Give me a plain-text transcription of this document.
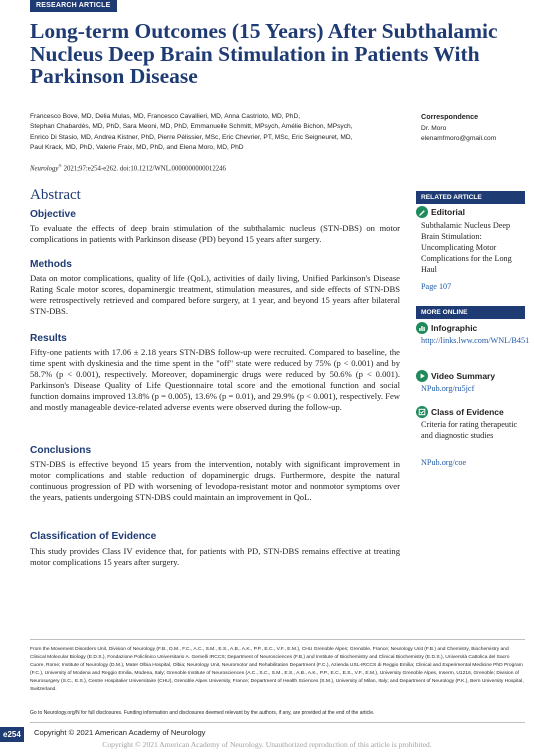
RESEARCH ARTICLE
Long-term Outcomes (15 Years) After Subthalamic Nucleus Deep Brain Stimulation in Patients With Parkinson Disease
Francesco Bove, MD, Delia Mulas, MD, Francesco Cavallieri, MD, Anna Castrioto, MD, PhD,
Stephan Chabardès, MD, PhD, Sara Meoni, MD, PhD, Emmanuelle Schmitt, MPsych, Amélie Bichon, MPsych,
Enrico Di Stasio, MD, Andrea Kistner, PhD, Pierre Pélissier, MSc, Eric Chevrier, PT, MSc, Eric Seigneuret, MD,
Paul Krack, MD, PhD, Valerie Fraix, MD, PhD, and Elena Moro, MD, PhD
Neurology® 2021;97:e254-e262. doi:10.1212/WNL.0000000000012246
Correspondence
Dr. Moro
elenamfmoro@gmail.com
Abstract
Objective

To evaluate the effects of deep brain stimulation of the subthalamic nucleus (STN-DBS) on motor complications in patients with Parkinson disease (PD) beyond 15 years after surgery.

Methods

Data on motor complications, quality of life (QoL), activities of daily living, Unified Parkinson's Disease Rating Scale motor scores, dopaminergic treatment, stimulation measures, and side effects of STN-DBS were retrospectively retrieved and compared before surgery, at 1 year, and beyond 15 years after bilateral STN-DBS.

Results

Fifty-one patients with 17.06 ± 2.18 years STN-DBS follow-up were recruited. Compared to baseline, the time spent with dyskinesia and the time spent in the "off" state were reduced by 75% (p < 0.001) and by 58.7% (p < 0.001), respectively. Moreover, dopaminergic drugs were reduced by 50.6% (p < 0.001). Parkinson's Disease Quality of Life Questionnaire total score and the emotional function and social function domains improved 13.8% (p = 0.005), 13.6% (p = 0.01), and 29.9% (p < 0.001), respectively. Few and mostly manageable device-related adverse events were observed during the follow-up.

Conclusions

STN-DBS is effective beyond 15 years from the intervention, notably with significant improvement in motor complications and stable reduction of dopaminergic drugs. Furthermore, despite the natural continuous progression of PD with worsening of levodopa-resistant motor and nonmotor symptoms over the years, patients undergoing STN-DBS could maintain an improvement in QoL.

Classification of Evidence

This study provides Class IV evidence that, for patients with PD, STN-DBS remains effective at treating motor complications 15 years after surgery.

RELATED ARTICLE
Editorial
Subthalamic Nucleus Deep Brain Stimulation: Uncomplicating Motor Complications for the Long Haul
Page 107
MORE ONLINE
Infographic
http://links.lww.com/WNL/B451
Video Summary
NPub.org/ru5jcf
Class of Evidence
Criteria for rating therapeutic and diagnostic studies
NPub.org/coe
From the Movement Disorders Unit, Division of Neurology (F.B., D.M., F.C., A.C., S.M., E.S., A.B., A.K., P.P., E.C., V.F., E.M.), CHU Grenoble Alpes; Grenoble, France; Neurology Unit (F.B.) and Chemistry, Biochemistry and Clinical Molecular Biology (E.D.S.), Fondazione Policlinico Universitario A. Gemelli IRCCS; Department of Neurosciences (F.B.) and Institute of Biochemistry and Clinical Biochemistry (E.D.S.), Università Cattolica del Sacro Cuore, Rome; Institute of Neurology (D.M.), Mater Olbia Hospital, Olbia; Neurology Unit, Neuromotor and Rehabilitation Department (F.C.), Azienda USL-IRCCS di Reggio Emilia; Clinical and Experimental Medicine PhD Program (F.C.), University of Modena and Reggio Emilia, Modena, Italy; Grenoble Institute of Neurosciences (A.C., S.C., S.M., E.S., A.B., A.K., P.P., E.C., E.S., V.F., E.M.), University Grenoble Alpes, Inserm, U1216, Grenoble; Division of Neurosurgery (S.C., E.S.), Centre Hospitalier Universitaire (CHU), Grenoble Alpes University, France; Department of Health Sciences (S.M.), University of Milan, Italy; and Department of Neurology (P.K.), Bern University Hospital, Switzerland.
Go to Neurology.org/N for full disclosures. Funding information and disclosures deemed relevant by the authors, if any, are provided at the end of the article.
e254	Copyright © 2021 American Academy of Neurology
Copyright © 2021 American Academy of Neurology. Unauthorized reproduction of this article is prohibited.
